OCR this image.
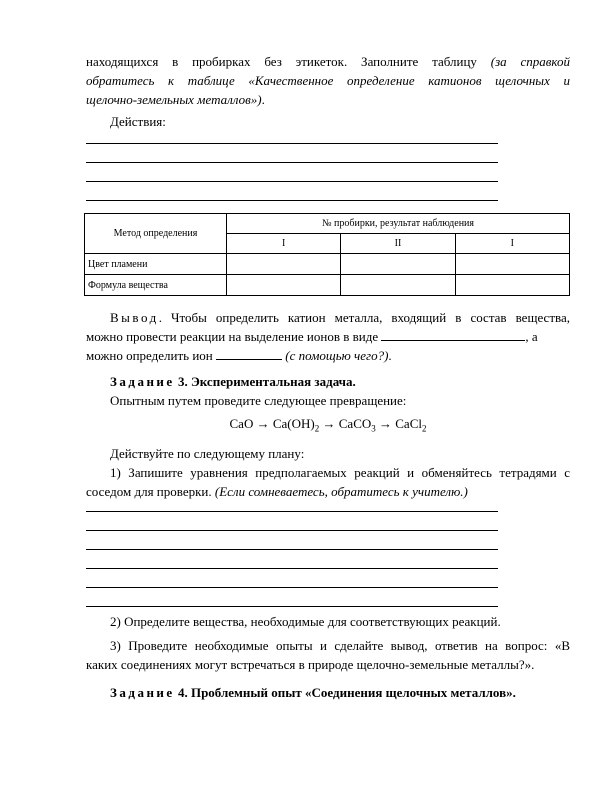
находящихся в пробирках без этикеток. Заполните таблицу (за справкой
обратитесь к таблице «Качественное определение катионов щелочных и
щелочно-земельных металлов»).
Действия:
Метод определения	№ пробирки, результат наблюдения		
	I	II	I
Цвет пламени			
Формула вещества			
Вывод. Чтобы определить катион металла, входящий в состав вещества,
можно провести реакции на выделение ионов в виде	, а
можно определить ион	(с помощью чего?).
Задание 3. Экспериментальная задача.
Опытным путем проведите следующее превращение:
CaO → $Ca(OH)_2$ → CaCO$_3$ → CaCl$_2$
Действуйте по следующему плану:
1) Запишите уравнения предполагаемых реакций и обменяйтесь тетрадями с
соседом для проверки. (Если сомневаетесь, обратитесь к учителю.)
2) Определите вещества, необходимые для соответствующих реакций.
3) Проведите необходимые опыты и сделайте вывод, ответив на вопрос: «В
каких соединениях могут встречаться в природе щелочно-земельные металлы?».
Задание 4. Проблемный опыт «Соединения щелочных металлов».
